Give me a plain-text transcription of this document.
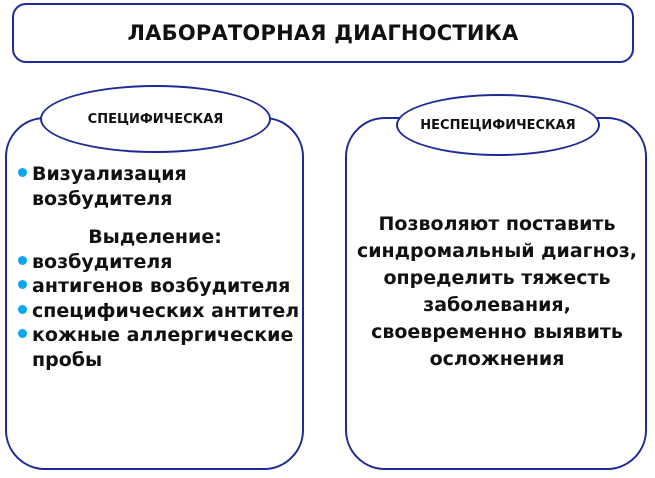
ЛАБОРАТОРНАЯ ДИАГНОСТИКА
СПЕЦИФИЧЕСКАЯ	НЕСПЕЦИФИЧЕСКАЯ
Визуализация возбудителя
Выделение:
возбудителя
антигенов возбудителя
специфических антител
кожные аллергические пробы
Позволяют поставить синдромальный диагноз, определить тяжесть заболевания, своевременно выявить осложнения
